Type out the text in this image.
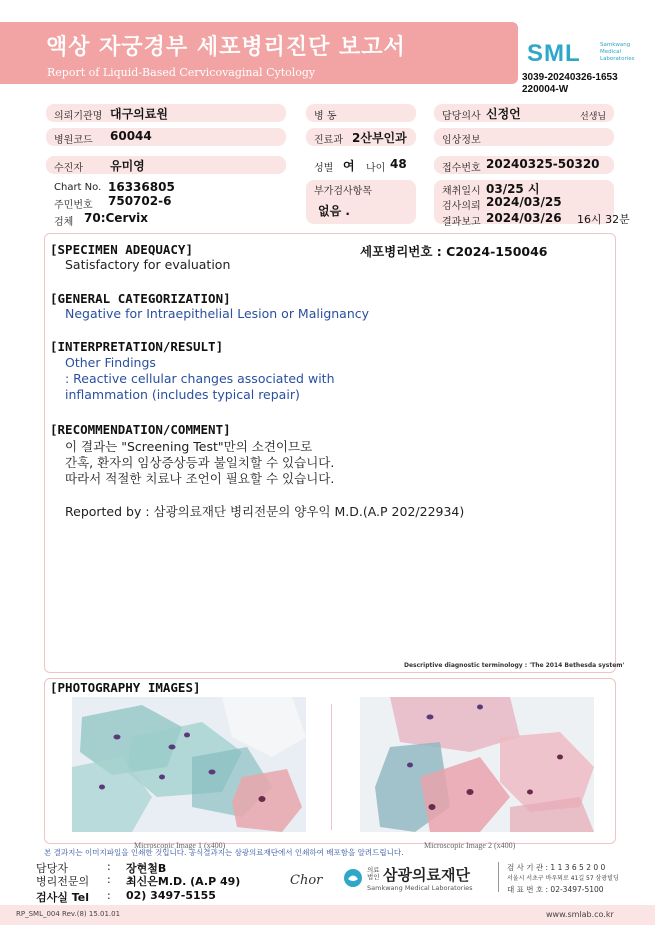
액상 자궁경부 세포병리진단 보고서
Report of Liquid-Based Cervicovaginal Cytology
SML	Samkwang Medical Laboratories
3039-20240326-1653
220004-W
의뢰기관명 대구의료원	병 동	담당의사 신정언	선생님
병원코드 60044	진료과 2산부인과	임상정보
수진자 유미영	성별 여 나이 48	접수번호 20240325-50320
Chart No. 16336805
주민번호 750702-6
검체 70:Cervix
부가검사항목
없음 .
채취일시 03/25 시
검사의뢰 2024/03/25
결과보고 2024/03/26 16시 32분
세포병리번호 : C2024-150046
[SPECIMEN ADEQUACY]
Satisfactory for evaluation
[GENERAL CATEGORIZATION]
Negative for Intraepithelial Lesion or Malignancy
[INTERPRETATION/RESULT]
Other Findings
: Reactive cellular changes associated with
inflammation (includes typical repair)
[RECOMMENDATION/COMMENT]
이 결과는 "Screening Test"만의 소견이므로
간혹, 환자의 임상증상등과 불일치할 수 있습니다.
따라서 적절한 치료나 조언이 필요할 수 있습니다.
Reported by : 삼광의료재단 병리전문의 양우익 M.D.(A.P 202/22934)
Descriptive diagnostic terminology : 'The 2014 Bethesda system'
[PHOTOGRAPHY IMAGES]
Microscopic Image 1 (x400)	Microscopic Image 2 (x400)
본 결과지는 이미지파일을 인쇄한 것입니다. 공식결과지는 삼광의료재단에서 인쇄하여 배포함을 알려드립니다.
담당자	: 장현철B
병리전문의 : 최신은M.D. (A.P 49)
검사실 Tel : 02) 3497-5155
Chor
의료법인 삼광의료재단
Samkwang Medical Laboratories
검 사 기 관 : 1 1 3 6 5 2 0 0
서울시 서초구 바우뫼로 41길 57 삼광빌딩
대 표 번 호 : 02-3497-5100
RP_SML_004 Rev.(8) 15.01.01	www.smlab.co.kr
